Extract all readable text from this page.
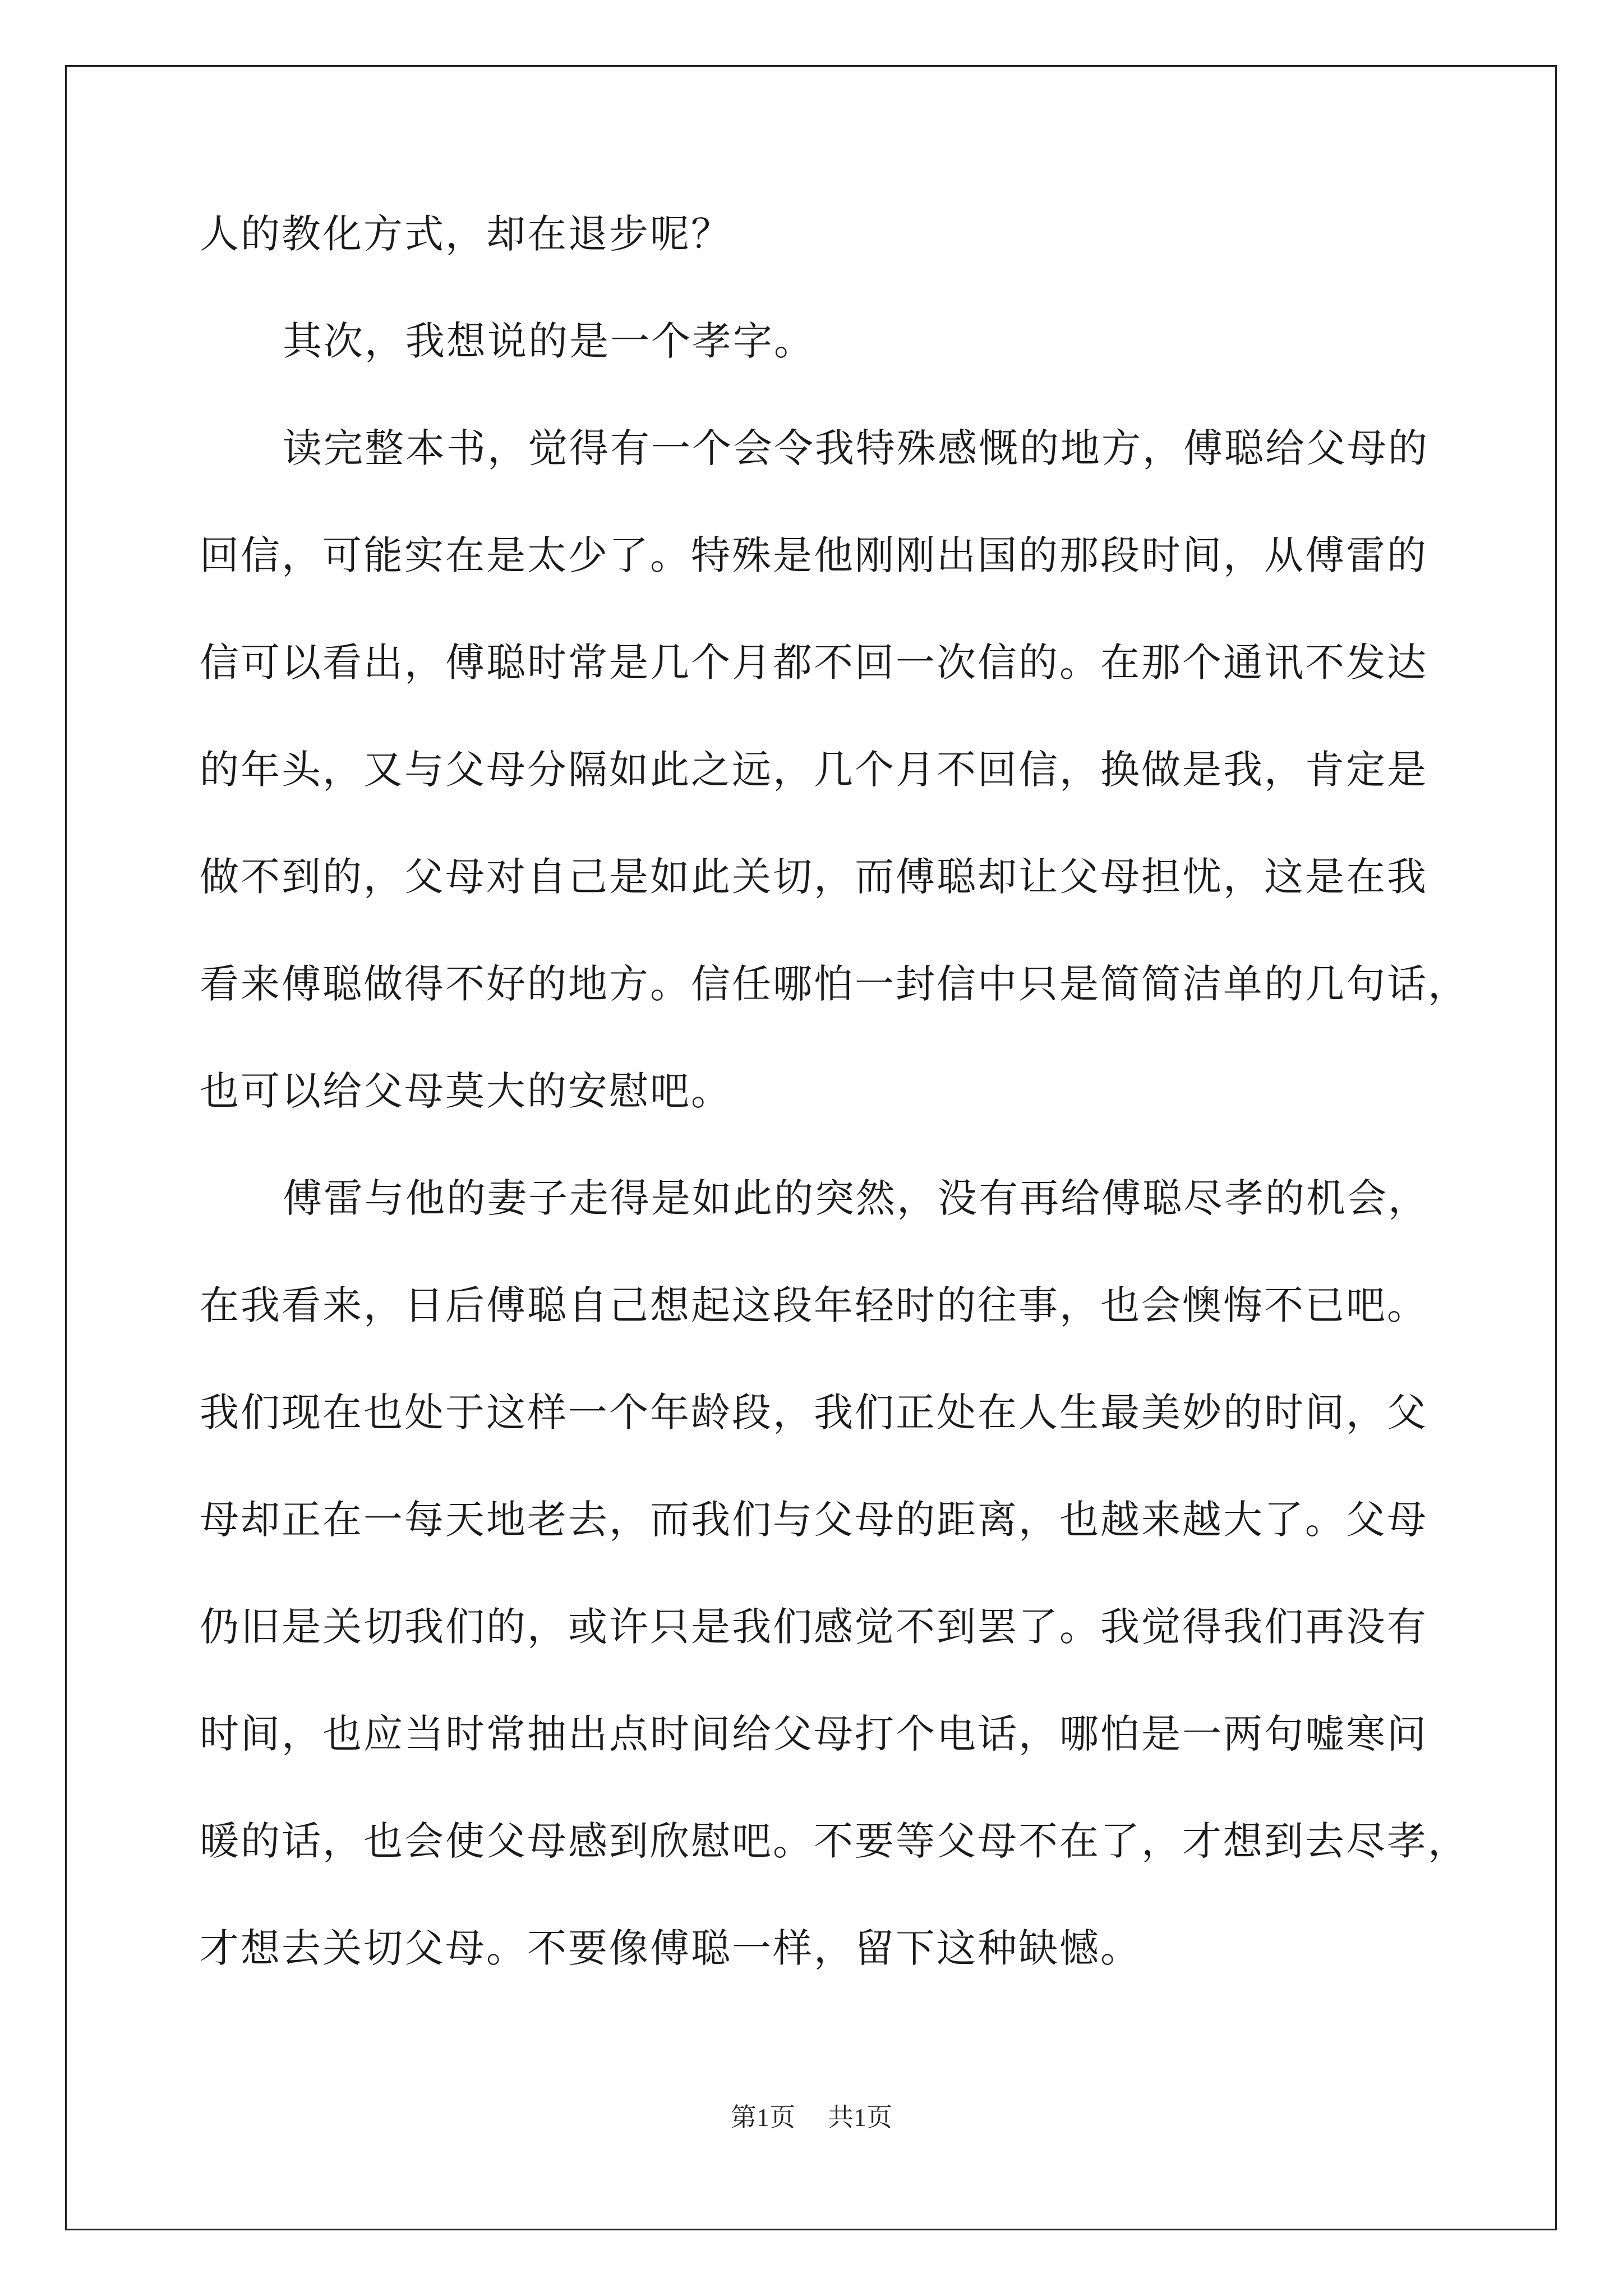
人的教化方式，却在退步呢？
其次，我想说的是一个孝字。
读完整本书，觉得有一个会令我特殊感慨的地方，傅聪给父母的
回信，可能实在是太少了。特殊是他刚刚出国的那段时间，从傅雷的
信可以看出，傅聪时常是几个月都不回一次信的。在那个通讯不发达
的年头，又与父母分隔如此之远，几个月不回信，换做是我，肯定是
做不到的，父母对自己是如此关切，而傅聪却让父母担忧，这是在我
看来傅聪做得不好的地方。信任哪怕一封信中只是简简洁单的几句话，
也可以给父母莫大的安慰吧。
傅雷与他的妻子走得是如此的突然，没有再给傅聪尽孝的机会，
在我看来，日后傅聪自己想起这段年轻时的往事，也会懊悔不已吧。
我们现在也处于这样一个年龄段，我们正处在人生最美妙的时间，父
母却正在一每天地老去，而我们与父母的距离，也越来越大了。父母
仍旧是关切我们的，或许只是我们感觉不到罢了。我觉得我们再没有
时间，也应当时常抽出点时间给父母打个电话，哪怕是一两句嘘寒问
暖的话，也会使父母感到欣慰吧。不要等父母不在了，才想到去尽孝，
才想去关切父母。不要像傅聪一样，留下这种缺憾。
第1页 共1页
